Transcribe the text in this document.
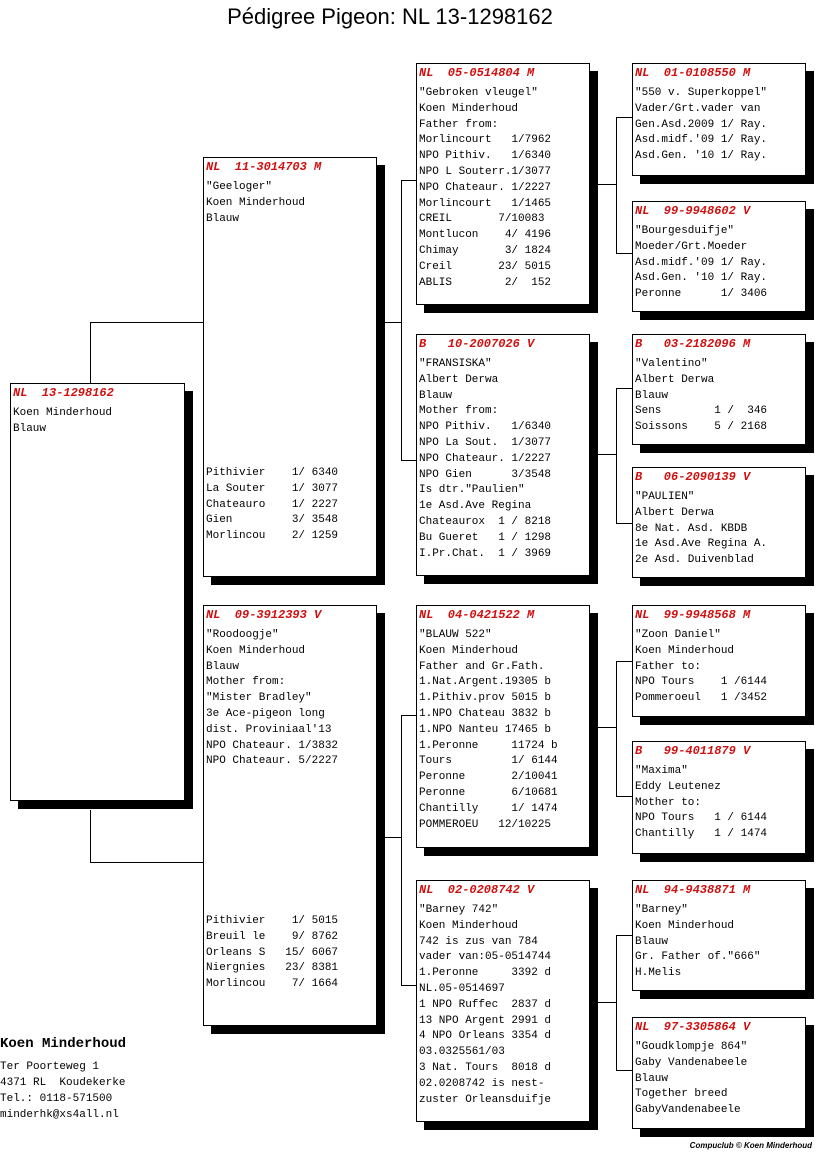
Pédigree Pigeon: NL 13-1298162
NL  13-1298162
Koen Minderhoud
Blauw
NL  11-3014703 M
"Geeloger"
Koen Minderhoud
Blauw
Pithivier    1/ 6340
La Souter    1/ 3077
Chateauro    1/ 2227
Gien         3/ 3548
Morlincou    2/ 1259
NL  09-3912393 V
"Roodoogje"
Koen Minderhoud
Blauw
Mother from:
"Mister Bradley"
3e Ace-pigeon long
dist. Proviniaal'13
NPO Chateaur. 1/3832
NPO Chateaur. 5/2227
Pithivier    1/ 5015
Breuil le    9/ 8762
Orleans S   15/ 6067
Niergnies   23/ 8381
Morlincou    7/ 1664
NL  05-0514804 M
"Gebroken vleugel"
Koen Minderhoud
Father from:
Morlincourt   1/7962
NPO Pithiv.   1/6340
NPO L Souterr.1/3077
NPO Chateaur. 1/2227
Morlincourt   1/1465
CREIL       7/10083
Montlucon    4/ 4196
Chimay       3/ 1824
Creil       23/ 5015
ABLIS        2/  152
B   10-2007026 V
"FRANSISKA"
Albert Derwa
Blauw
Mother from:
NPO Pithiv.   1/6340
NPO La Sout.  1/3077
NPO Chateaur. 1/2227
NPO Gien      3/3548
Is dtr."Paulien"
1e Asd.Ave Regina
Chateaurox  1 / 8218
Bu Gueret   1 / 1298
I.Pr.Chat.  1 / 3969
NL  04-0421522 M
"BLAUW 522"
Koen Minderhoud
Father and Gr.Fath.
1.Nat.Argent.19305 b
1.Pithiv.prov 5015 b
1.NPO Chateau 3832 b
1.NPO Nanteu 17465 b
1.Peronne     11724 b
Tours         1/ 6144
Peronne       2/10041
Peronne       6/10681
Chantilly     1/ 1474
POMMEROEU   12/10225
NL  02-0208742 V
"Barney 742"
Koen Minderhoud
742 is zus van 784
vader van:05-0514744
1.Peronne     3392 d
NL.05-0514697
1 NPO Ruffec  2837 d
13 NPO Argent 2991 d
4 NPO Orleans 3354 d
03.0325561/03
3 Nat. Tours  8018 d
02.0208742 is nest-
zuster Orleansduifje
NL  01-0108550 M
"550 v. Superkoppel"
Vader/Grt.vader van
Gen.Asd.2009 1/ Ray.
Asd.midf.'09 1/ Ray.
Asd.Gen. '10 1/ Ray.
NL  99-9948602 V
"Bourgesduifje"
Moeder/Grt.Moeder
Asd.midf.'09 1/ Ray.
Asd.Gen. '10 1/ Ray.
Peronne      1/ 3406
B   03-2182096 M
"Valentino"
Albert Derwa
Blauw
Sens        1 /  346
Soissons    5 / 2168
B   06-2090139 V
"PAULIEN"
Albert Derwa
8e Nat. Asd. KBDB
1e Asd.Ave Regina A.
2e Asd. Duivenblad
NL  99-9948568 M
"Zoon Daniel"
Koen Minderhoud
Father to:
NPO Tours    1 /6144
Pommeroeul   1 /3452
B   99-4011879 V
"Maxima"
Eddy Leutenez
Mother to:
NPO Tours   1 / 6144
Chantilly   1 / 1474
NL  94-9438871 M
"Barney"
Koen Minderhoud
Blauw
Gr. Father of."666"
H.Melis
NL  97-3305864 V
"Goudklompje 864"
Gaby Vandenabeele
Blauw
Together breed
GabyVandenabeele
Koen Minderhoud
Ter Poorteweg 1
4371 RL  Koudekerke
Tel.: 0118-571500
minderhk@xs4all.nl
Compuclub © Koen Minderhoud
